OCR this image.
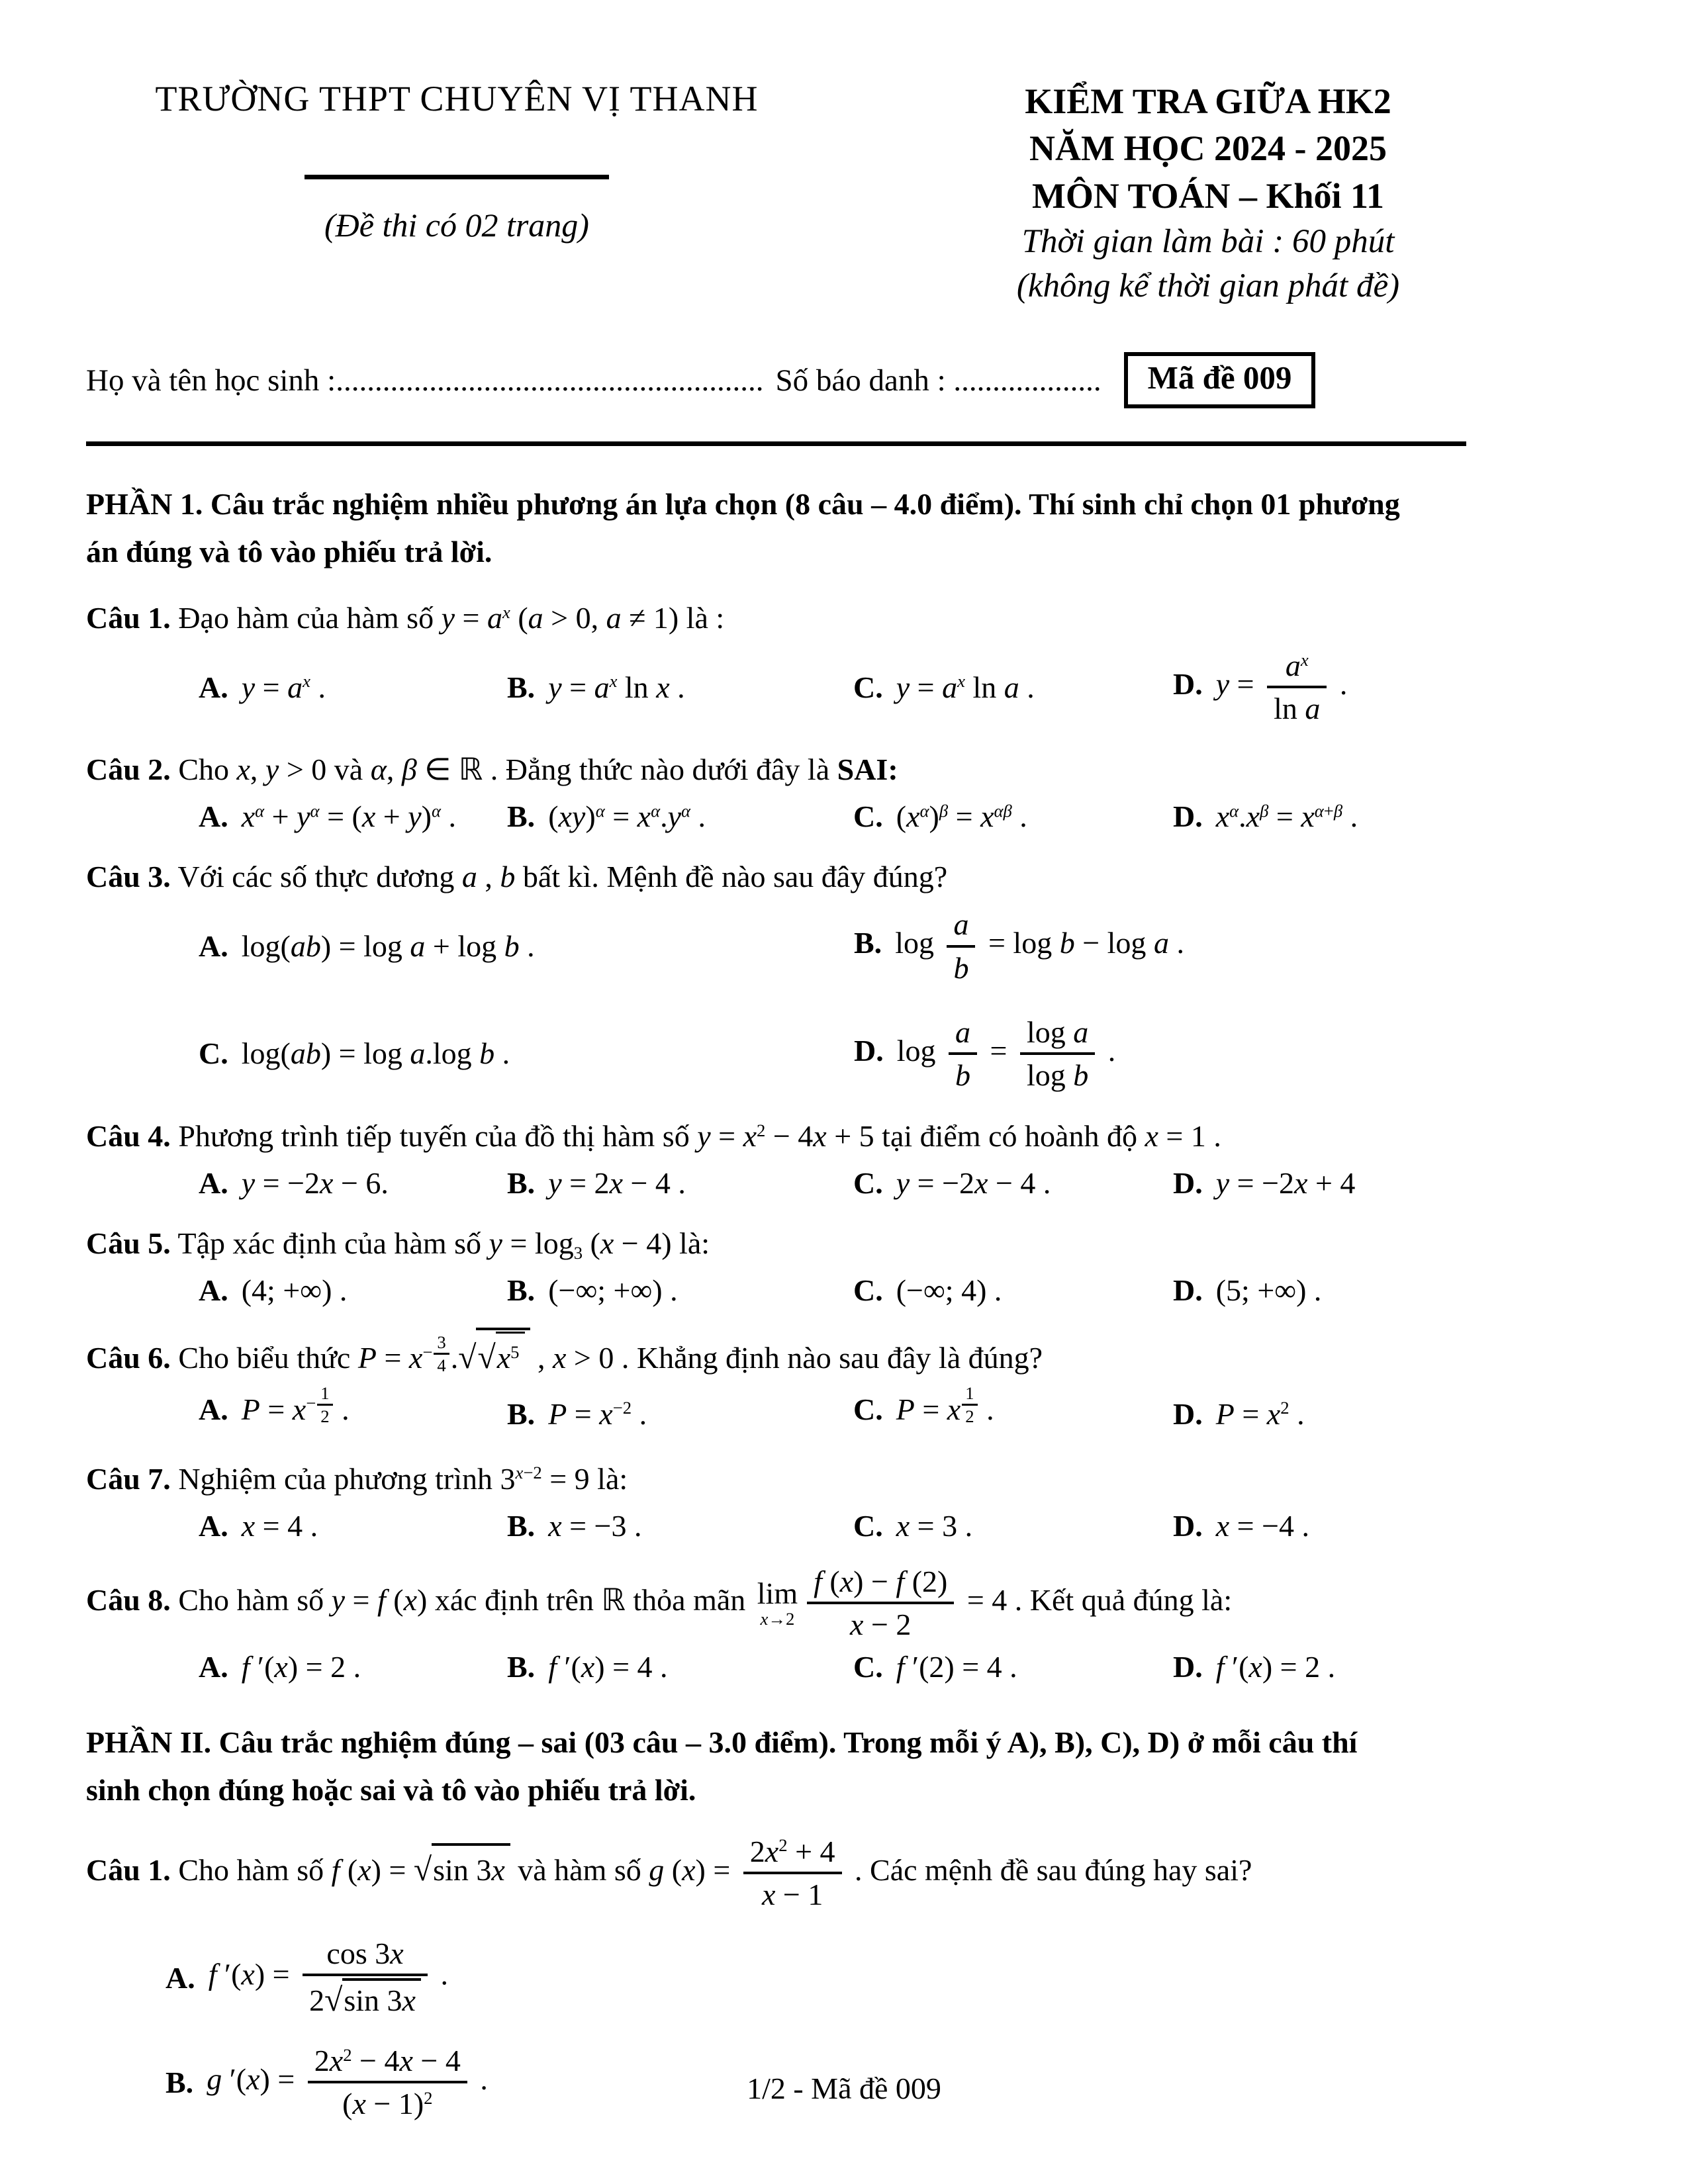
TRƯỜNG THPT CHUYÊN VỊ THANH
(Đề thi có 02 trang)
KIỂM TRA GIỮA HK2
NĂM HỌC 2024 - 2025
MÔN TOÁN – Khối 11
Thời gian làm bài : 60 phút
(không kể thời gian phát đề)
Họ và tên học sinh :....................................................... Số báo danh : ...................	Mã đề 009
PHẦN 1. Câu trắc nghiệm nhiều phương án lựa chọn (8 câu – 4.0 điểm). Thí sinh chỉ chọn 01 phương
án đúng và tô vào phiếu trả lời.
Câu 1. Đạo hàm của hàm số $y = a^x$ (a > 0, a ≠ 1) là :
A. $y = a^x$ .	B. $y = a^x$ ln x .	C. $y = a^x$ ln a .	D. $y = \frac{a^x}{\text{ln a}}$ .
Câu 2. Cho x, y > 0 và α, β ∈ ℝ . Đẳng thức nào dưới đây là SAI:
A. $x^\alpha + y^\alpha = (x + y)^\alpha$ .	B. $(xy)^\alpha = x^\alpha.y^\alpha$ .	C. $(x^\alpha)^\beta = x^{\alpha\beta}$ .	D. $x^\alpha.x^\beta = x^{\alpha+\beta}$ .
Câu 3. Với các số thực dương a , b bất kì. Mệnh đề nào sau đây đúng?
A. log(ab) = log a + log b .	B. $\log \frac{a}{b} = \log b - \log a$ .
C. log(ab) = log a.log b .	D. $\log \frac{a}{b} = \frac{\text{log a}}{\text{log b}}$ .
Câu 4. Phương trình tiếp tuyến của đồ thị hàm số $y = x^2 - 4x + 5$ tại điểm có hoành độ x = 1 .
A. y = −2x − 6.	B. y = 2x − 4 .	C. y = −2x − 4 .	D. y = −2x + 4
Câu 5. Tập xác định của hàm số $y = \log_3 (x - 4)$ là:
A. (4; +∞) .	B. (−∞; +∞) .	C. (−∞; 4) .	D. (5; +∞) .
Câu 6. Cho biểu thức $P = x^{- \frac{3}{4}}$ $.√√x^5$ , x > 0 . Khẳng định nào sau đây là đúng?
A. $P = x^{- \frac{1}{2}}$ .	B. $P = x^{-2}$ .	C. P = x $^{\frac{1}{2}}$ .	D. $P = x^2$ .
Câu 7. Nghiệm của phương trình $3^{x-2} = 9$ là:
A. x = 4 .	B. x = −3 .	C. x = 3 .	D. x = −4 .
Câu 8. Cho hàm số y = f (x) xác định trên ℝ thỏa mãn lim
$x\to 2 \frac{f (x) - f (2)}{x - 2} = 4$ . Kết quả đúng là:
A. f ′(x) = 2 .	B. f ′(x) = 4 .	C. f ′(2) = 4 .	D. f ′(x) = 2 .
PHẦN II. Câu trắc nghiệm đúng – sai (03 câu – 3.0 điểm). Trong mỗi ý A), B), C), D) ở mỗi câu thí
sinh chọn đúng hoặc sai và tô vào phiếu trả lời.
Câu 1. Cho hàm số f (x) = √sin 3x và hàm số g $(x) = \frac{2x^2 + 4}{x - 1}$ . Các mệnh đề sau đúng hay sai?
A. f $'(x) = \frac{\cos 3x}{2√\sin 3x}$ .
B. g $'(x) = \frac{2x^2 - 4x - 4}{(x - 1)^2}$ .	1/2 - Mã đề 009
